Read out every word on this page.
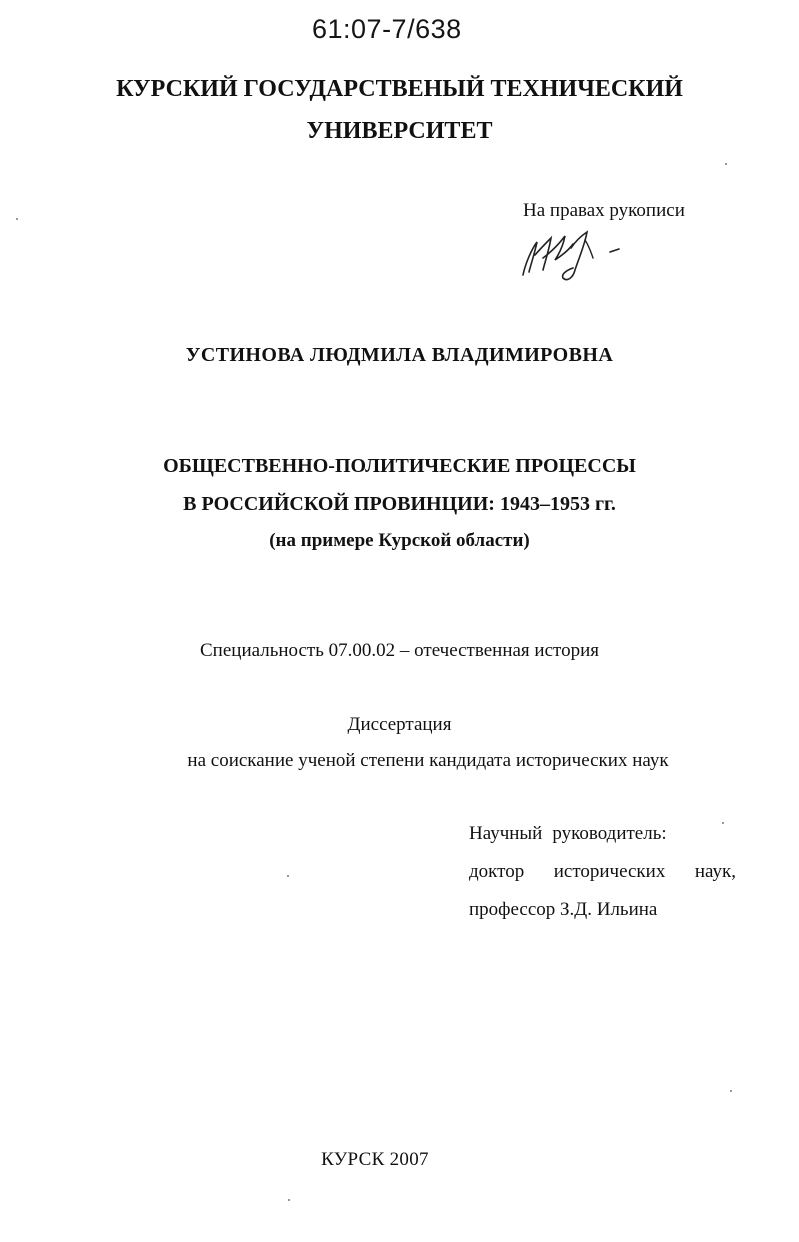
61:07-7/638
КУРСКИЙ ГОСУДАРСТВЕНЫЙ ТЕХНИЧЕСКИЙ
УНИВЕРСИТЕТ
На правах рукописи
УСТИНОВА ЛЮДМИЛА ВЛАДИМИРОВНА
ОБЩЕСТВЕННО-ПОЛИТИЧЕСКИЕ ПРОЦЕССЫ
В РОССИЙСКОЙ ПРОВИНЦИИ: 1943–1953 гг.
(на примере Курской области)
Специальность 07.00.02 – отечественная история
Диссертация
на соискание ученой степени кандидата исторических наук
Научный руководитель:
доктор исторических наук,
профессор З.Д. Ильина
КУРСК 2007
